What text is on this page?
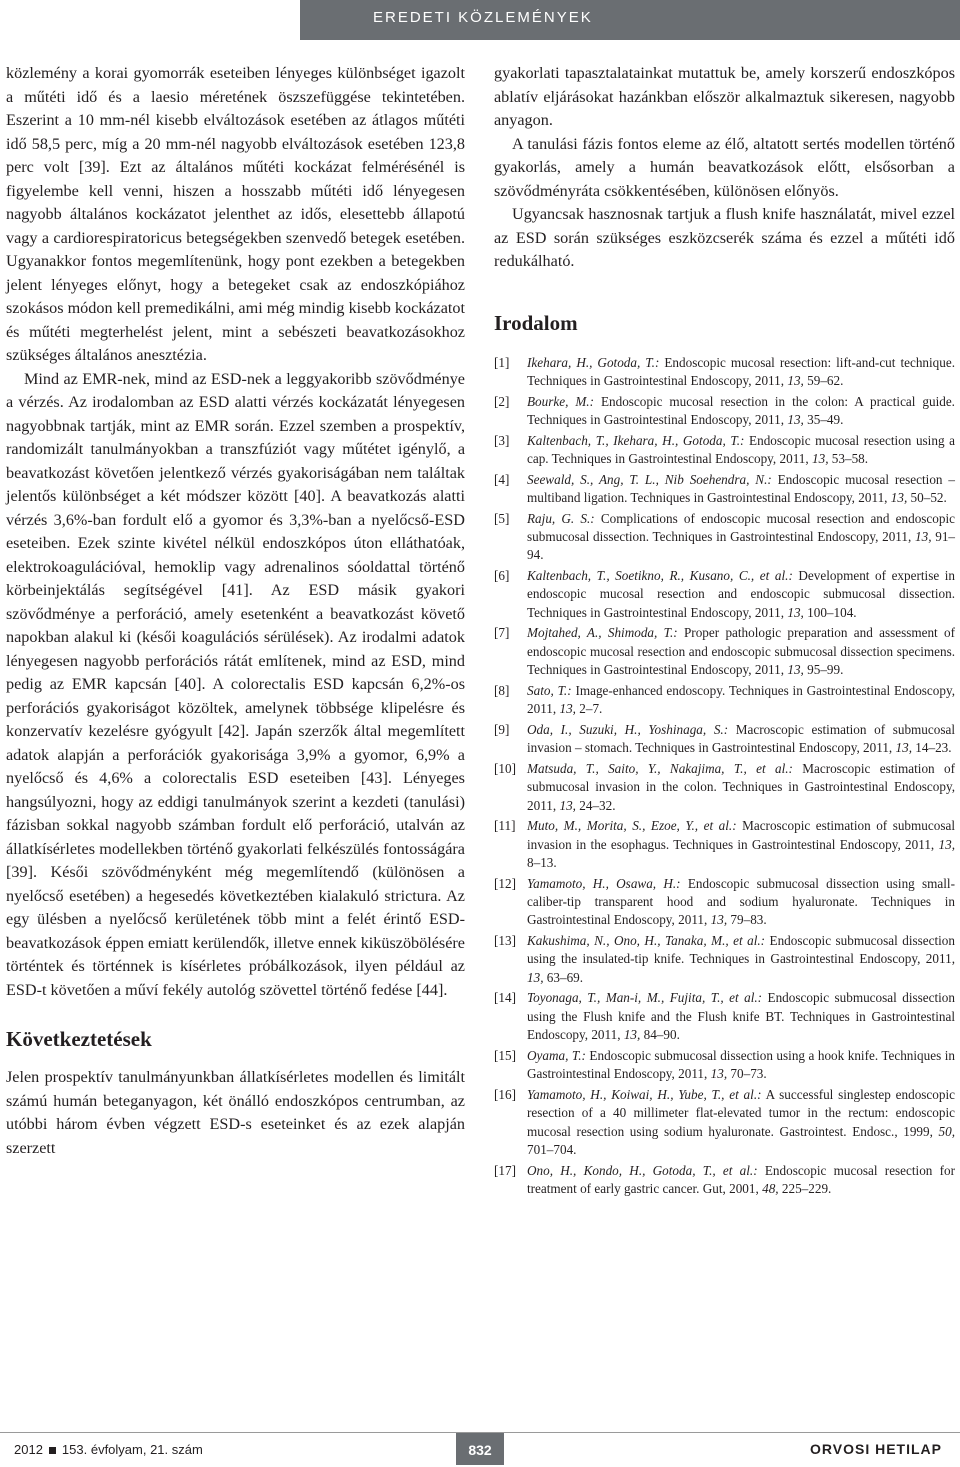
EREDETI KÖZLEMÉNYEK

közlemény a korai gyomorrák eseteiben lényeges különbséget igazolt a műtéti idő és a laesio méretének öszszefüggése tekintetében. Eszerint a 10 mm-nél kisebb elváltozások esetében az átlagos műtéti idő 58,5 perc, míg a 20 mm-nél nagyobb elváltozások esetében 123,8 perc volt [39]. Ezt az általános műtéti kockázat felmérésénél is figyelembe kell venni, hiszen a hosszabb műtéti idő lényegesen nagyobb általános kockázatot jelenthet az idős, elesettebb állapotú vagy a cardiorespiratoricus betegségekben szenvedő betegek esetében. Ugyanakkor fontos megemlítenünk, hogy pont ezekben a betegekben jelent lényeges előnyt, hogy a betegeket csak az endoszkópiához szokásos módon kell premedikálni, ami még mindig kisebb kockázatot és műtéti megterhelést jelent, mint a sebészeti beavatkozásokhoz szükséges általános anesztézia.

Mind az EMR-nek, mind az ESD-nek a leggyakoribb szövődménye a vérzés. Az irodalomban az ESD alatti vérzés kockázatát lényegesen nagyobbnak tartják, mint az EMR során. Ezzel szemben a prospektív, randomizált tanulmányokban a transzfúziót vagy műtétet igénylő, a beavatkozást követően jelentkező vérzés gyakoriságában nem találtak jelentős különbséget a két módszer között [40]. A beavatkozás alatti vérzés 3,6%-ban fordult elő a gyomor és 3,3%-ban a nyelőcső-ESD eseteiben. Ezek szinte kivétel nélkül endoszkópos úton elláthatóak, elektrokoagulációval, hemoklip vagy adrenalinos sóoldattal történő körbeinjektálás segítségével [41]. Az ESD másik gyakori szövődménye a perforáció, amely esetenként a beavatkozást követő napokban alakul ki (késői koagulációs sérülések). Az irodalmi adatok lényegesen nagyobb perforációs rátát említenek, mind az ESD, mind pedig az EMR kapcsán [40]. A colorectalis ESD kapcsán 6,2%-os perforációs gyakoriságot közöltek, amelynek többsége klipelésre és konzervatív kezelésre gyógyult [42]. Japán szerzők által megemlített adatok alapján a perforációk gyakorisága 3,9% a gyomor, 6,9% a nyelőcső és 4,6% a colorectalis ESD eseteiben [43]. Lényeges hangsúlyozni, hogy az eddigi tanulmányok szerint a kezdeti (tanulási) fázisban sokkal nagyobb számban fordult elő perforáció, utalván az állatkísérletes modellekben történő gyakorlati felkészülés fontosságára [39]. Késői szövődményként még megemlítendő (különösen a nyelőcső esetében) a hegesedés következtében kialakuló strictura. Az egy ülésben a nyelőcső kerületének több mint a felét érintő ESDbeavatkozások éppen emiatt kerülendők, illetve ennek kiküszöbölésére történtek és történnek is kísérletes próbálkozások, ilyen például az ESD-t követően a műví fekély autológ szövettel történő fedése [44].

Következtetések

Jelen prospektív tanulmányunkban állatkísérletes modellen és limitált számú humán beteganyagon, két önálló endoszkópos centrumban, az utóbbi három évben végzett ESD-s eseteinket és az ezek alapján szerzett

gyakorlati tapasztalatainkat mutattuk be, amely korszerű endoszkópos ablatív eljárásokat hazánkban először alkalmaztuk sikeresen, nagyobb anyagon.

A tanulási fázis fontos eleme az élő, altatott sertés modellen történő gyakorlás, amely a humán beavatkozások előtt, elsősorban a szövődményráta csökkentésében, különösen előnyös.

Ugyancsak hasznosnak tartjuk a flush knife használatát, mivel ezzel az ESD során szükséges eszközcserék száma és ezzel a műtéti idő redukálható.

Irodalom
[1]	Ikehara, H., Gotoda, T.: Endoscopic mucosal resection: lift-and-cut technique. Techniques in Gastrointestinal Endoscopy, 2011, 13, 59–62.
[2]	Bourke, M.: Endoscopic mucosal resection in the colon: A practical guide. Techniques in Gastrointestinal Endoscopy, 2011, 13, 35–49.
[3]	Kaltenbach, T., Ikehara, H., Gotoda, T.: Endoscopic mucosal resection using a cap. Techniques in Gastrointestinal Endoscopy, 2011, 13, 53–58.
[4]	Seewald, S., Ang, T. L., Nib Soehendra, N.: Endoscopic mucosal resection – multiband ligation. Techniques in Gastrointestinal Endoscopy, 2011, 13, 50–52.
[5]	Raju, G. S.: Complications of endoscopic mucosal resection and endoscopic submucosal dissection. Techniques in Gastrointestinal Endoscopy, 2011, 13, 91–94.
[6]	Kaltenbach, T., Soetikno, R., Kusano, C., et al.: Development of expertise in endoscopic mucosal resection and endoscopic submucosal dissection. Techniques in Gastrointestinal Endoscopy, 2011, 13, 100–104.
[7]	Mojtahed, A., Shimoda, T.: Proper pathologic preparation and assessment of endoscopic mucosal resection and endoscopic submucosal dissection specimens. Techniques in Gastrointestinal Endoscopy, 2011, 13, 95–99.
[8]	Sato, T.: Image-enhanced endoscopy. Techniques in Gastrointestinal Endoscopy, 2011, 13, 2–7.
[9]	Oda, I., Suzuki, H., Yoshinaga, S.: Macroscopic estimation of submucosal invasion – stomach. Techniques in Gastrointestinal Endoscopy, 2011, 13, 14–23.
[10] Matsuda, T., Saito, Y., Nakajima, T., et al.: Macroscopic estimation of submucosal invasion in the colon. Techniques in Gastrointestinal Endoscopy, 2011, 13, 24–32.
[11] Muto, M., Morita, S., Ezoe, Y., et al.: Macroscopic estimation of submucosal invasion in the esophagus. Techniques in Gastrointestinal Endoscopy, 2011, 13, 8–13.
[12] Yamamoto, H., Osawa, H.: Endoscopic submucosal dissection using small-caliber-tip transparent hood and sodium hyaluronate. Techniques in Gastrointestinal Endoscopy, 2011, 13, 79–83.
[13] Kakushima, N., Ono, H., Tanaka, M., et al.: Endoscopic submucosal dissection using the insulated-tip knife. Techniques in Gastrointestinal Endoscopy, 2011, 13, 63–69.
[14] Toyonaga, T., Man-i, M., Fujita, T., et al.: Endoscopic submucosal dissection using the Flush knife and the Flush knife BT. Techniques in Gastrointestinal Endoscopy, 2011, 13, 84–90.
[15] Oyama, T.: Endoscopic submucosal dissection using a hook knife. Techniques in Gastrointestinal Endoscopy, 2011, 13, 70–73.
[16] Yamamoto, H., Koiwai, H., Yube, T., et al.: A successful singlestep endoscopic resection of a 40 millimeter flat-elevated tumor in the rectum: endoscopic mucosal resection using sodium hyaluronate. Gastrointest. Endosc., 1999, 50, 701–704.
[17] Ono, H., Kondo, H., Gotoda, T., et al.: Endoscopic mucosal resection for treatment of early gastric cancer. Gut, 2001, 48, 225–229.
2012 153. évfolyam, 21. szám	832	ORVOSI HETILAP
